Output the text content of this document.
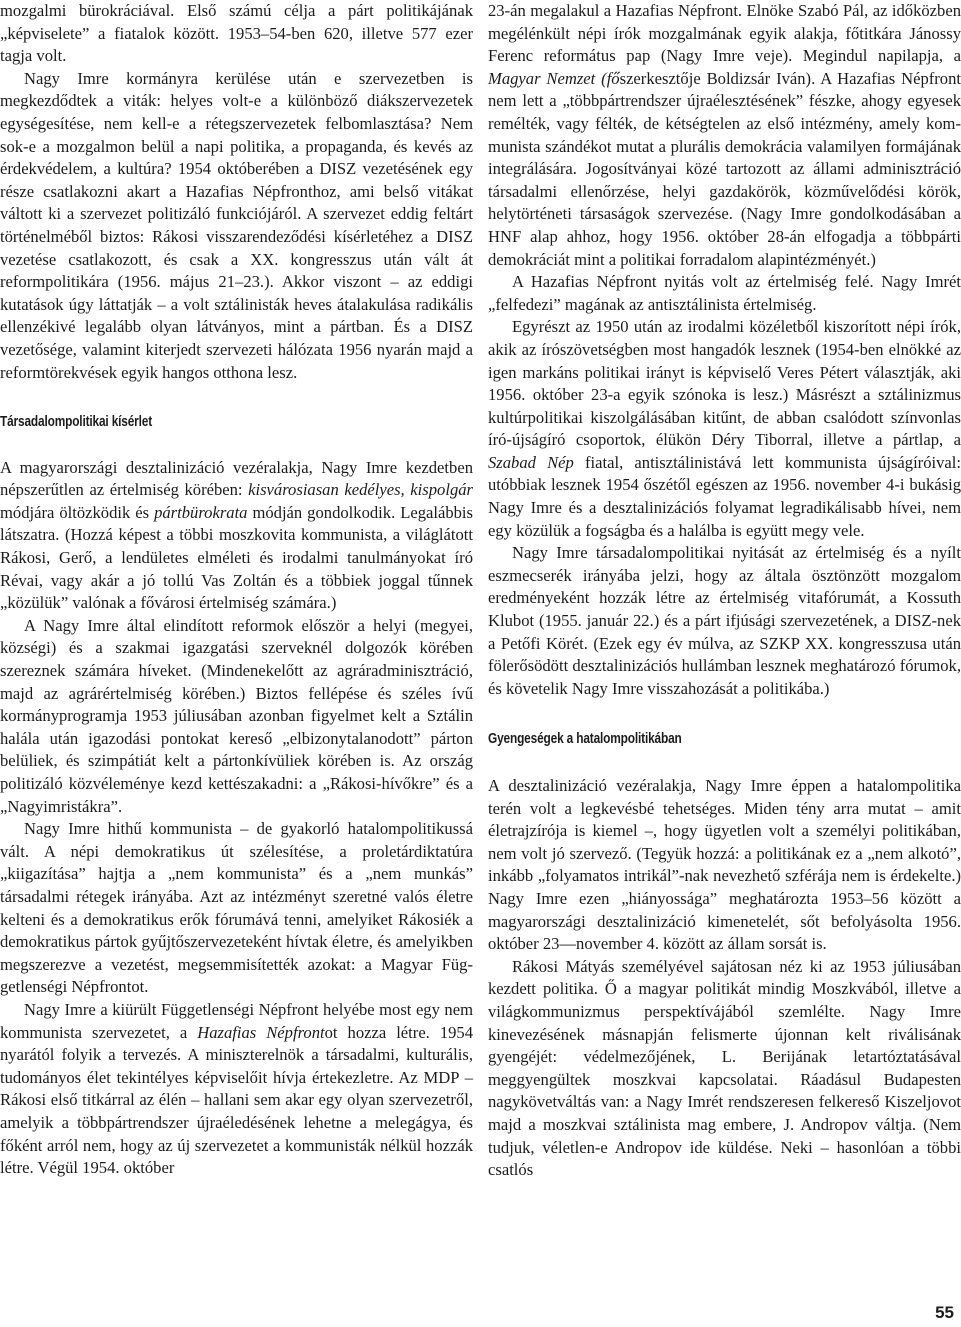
mozgalmi bürokráciával. Első számú célja a párt politikájának „képviselete” a fiatalok között. 1953–54-ben 620, illetve 577 ezer tagja volt.

Nagy Imre kormányra kerülése után e szervezetben is megkezdődtek a viták: helyes volt-e a különböző diákszervezetek egységesítése, nem kell-e a rétegszervezetek felbomlasztása? Nem sok-e a mozgalmon belül a napi politika, a propaganda, és kevés az érdekvédelem, a kultúra? 1954 októberében a DISZ vezetésének egy része csatlakozni akart a Hazafias Népfronthoz, ami belső vitákat váltott ki a szervezet politizáló funkciójáról. A szervezet eddig feltárt történelméből biztos: Rákosi visszarendeződési kísérletéhez a DISZ vezetése csatlakozott, és csak a XX. kongresszus után vált át reformpolitikára (1956. május 21–23.). Akkor viszont – az eddigi kutatások úgy láttatják – a volt sztálinisták heves átalakulása radikális ellenzékivé legalább olyan látványos, mint a pártban. És a DISZ vezetősége, valamint kiterjedt szervezeti hálózata 1956 nyarán majd a reformtörekvések egyik hangos otthona lesz.

Társadalompolitikai kísérlet

A magyarországi desztalinizáció vezéralakja, Nagy Imre kezdetben népszerűtlen az értelmiség körében: kisvárosiasan kedélyes, kispolgár módjára öltözködik és pártbürokrata módján gondolkodik. Legalábbis látszatra. (Hozzá képest a többi moszkovita kommunista, a világlátott Rákosi, Gerő, a lendületes elméleti és irodalmi tanulmányokat író Révai, vagy akár a jó tollú Vas Zoltán és a többiek joggal tűnnek „közülük” valónak a fővárosi értelmiség számára.)

A Nagy Imre által elindított reformok először a helyi (megyei, községi) és a szakmai igazgatási szerveknél dolgozók körében szereznek számára híveket. (Mindenekelőtt az agráradminisztráció, majd az agrárértelmiség körében.) Biztos fellépése és széles ívű kormányprogramja 1953 júliusában azonban figyelmet kelt a Sztálin halála után igazodási pontokat kereső „elbizonytalanodott” párton belüliek, és szimpátiát kelt a pártonkívüliek körében is. Az ország politizáló közvéleménye kezd kettészakadni: a „Rákosi-hívőkre” és a „Nagyimristákra”.

Nagy Imre hithű kommunista – de gyakorló hatalompolitikussá vált. A népi demokratikus út szélesítése, a proletárdiktatúra „kiigazítása” hajtja a „nem kommunista” és a „nem munkás” társadalmi rétegek irányába. Azt az intézményt szeretné valós életre kelteni és a demokratikus erők fórumává tenni, amelyiket Rákosiék a demokratikus pártok gyűjtőszervezeteként hívtak életre, és amelyikben megszerezve a vezetést, megsemmisítették azokat: a Magyar Függetlenségi Népfrontot.

Nagy Imre a kiürült Függetlenségi Népfront helyébe most egy nem kommunista szervezetet, a Hazafias Népfrontot hozza létre. 1954 nyarától folyik a tervezés. A miniszterelnök a társadalmi, kulturális, tudományos élet tekintélyes képviselőit hívja értekezletre. Az MDP – Rákosi első titkárral az élén – hallani sem akar egy olyan szervezetről, amelyik a többpártrendszer újraéledésének lehetne a melegágya, és főként arról nem, hogy az új szervezetet a kommunisták nélkül hozzák létre. Végül 1954. október

23-án megalakul a Hazafias Népfront. Elnöke Szabó Pál, az időközben megélénkült népi írók mozgalmának egyik alakja, főtitkára Jánossy Ferenc református pap (Nagy Imre veje). Megindul napilapja, a Magyar Nemzet (főszerkesztője Boldizsár Iván). A Hazafias Népfront nem lett a „többpártrendszer újraélesztésének” fészke, ahogy egyesek remélték, vagy félték, de kétségtelen az első intézmény, amely kommunista szándékot mutat a plurális demokrácia valamilyen formájának integrálására. Jogosítványai közé tartozott az állami adminisztráció társadalmi ellenőrzése, helyi gazdakörök, közművelődési körök, helytörténeti társaságok szervezése. (Nagy Imre gondolkodásában a HNF alap ahhoz, hogy 1956. október 28-án elfogadja a többpárti demokráciát mint a politikai forradalom alapintézményét.)

A Hazafias Népfront nyitás volt az értelmiség felé. Nagy Imrét „felfedezi” magának az antisztálinista értelmiség.

Egyrészt az 1950 után az irodalmi közéletből kiszorított népi írók, akik az írószövetségben most hangadók lesznek (1954-ben elnökké az igen markáns politikai irányt is képviselő Veres Pétert választják, aki 1956. október 23-a egyik szónoka is lesz.) Másrészt a sztálinizmus kultúrpolitikai kiszolgálásában kitűnt, de abban csalódott színvonlas író-újságíró csoportok, élükön Déry Tiborral, illetve a pártlap, a Szabad Nép fiatal, antisztálinistává lett kommunista újságíróival: utóbbiak lesznek 1954 őszétől egészen az 1956. november 4-i bukásig Nagy Imre és a desztalinizációs folyamat legradikálisabb hívei, nem egy közülük a fogságba és a halálba is együtt megy vele.

Nagy Imre társadalompolitikai nyitását az értelmiség és a nyílt eszmecserék irányába jelzi, hogy az általa ösztönzött mozgalom eredményeként hozzák létre az értelmiség vitafórumát, a Kossuth Klubot (1955. január 22.) és a párt ifjúsági szervezetének, a DISZ-nek a Petőfi Körét. (Ezek egy év múlva, az SZKP XX. kongresszusa után fölerősödött desztalinizációs hullámban lesznek meghatározó fórumok, és követelik Nagy Imre visszahozását a politikába.)

Gyengeségek a hatalompolitikában

A desztalinizáció vezéralakja, Nagy Imre éppen a hatalompolitika terén volt a legkevésbé tehetséges. Miden tény arra mutat – amit életrajzírója is kiemel –, hogy ügyetlen volt a személyi politikában, nem volt jó szervező. (Tegyük hozzá: a politikának ez a „nem alkotó”, inkább „folyamatos intrikál”-nak nevezhető szférája nem is érdekelte.) Nagy Imre ezen „hiányossága” meghatározta 1953–56 között a magyarországi desztalinizáció kimenetelét, sőt befolyásolta 1956. október 23—november 4. között az állam sorsát is.

Rákosi Mátyás személyével sajátosan néz ki az 1953 júliusában kezdett politika. Ő a magyar politikát mindig Moszkvából, illetve a világkommunizmus perspektívájából szemlélte. Nagy Imre kinevezésének másnapján felismerte újonnan kelt riválisának gyengéjét: védelmezőjének, L. Berijának letartóztatásával meggyengültek moszkvai kapcsolatai. Ráadásul Budapesten nagykövetváltás van: a Nagy Imrét rendszeresen felkereső Kiszeljovot majd a moszkvai sztálinista mag embere, J. Andropov váltja. (Nem tudjuk, véletlen-e Andropov ide küldése. Neki – hasonlóan a többi csatlós

55
